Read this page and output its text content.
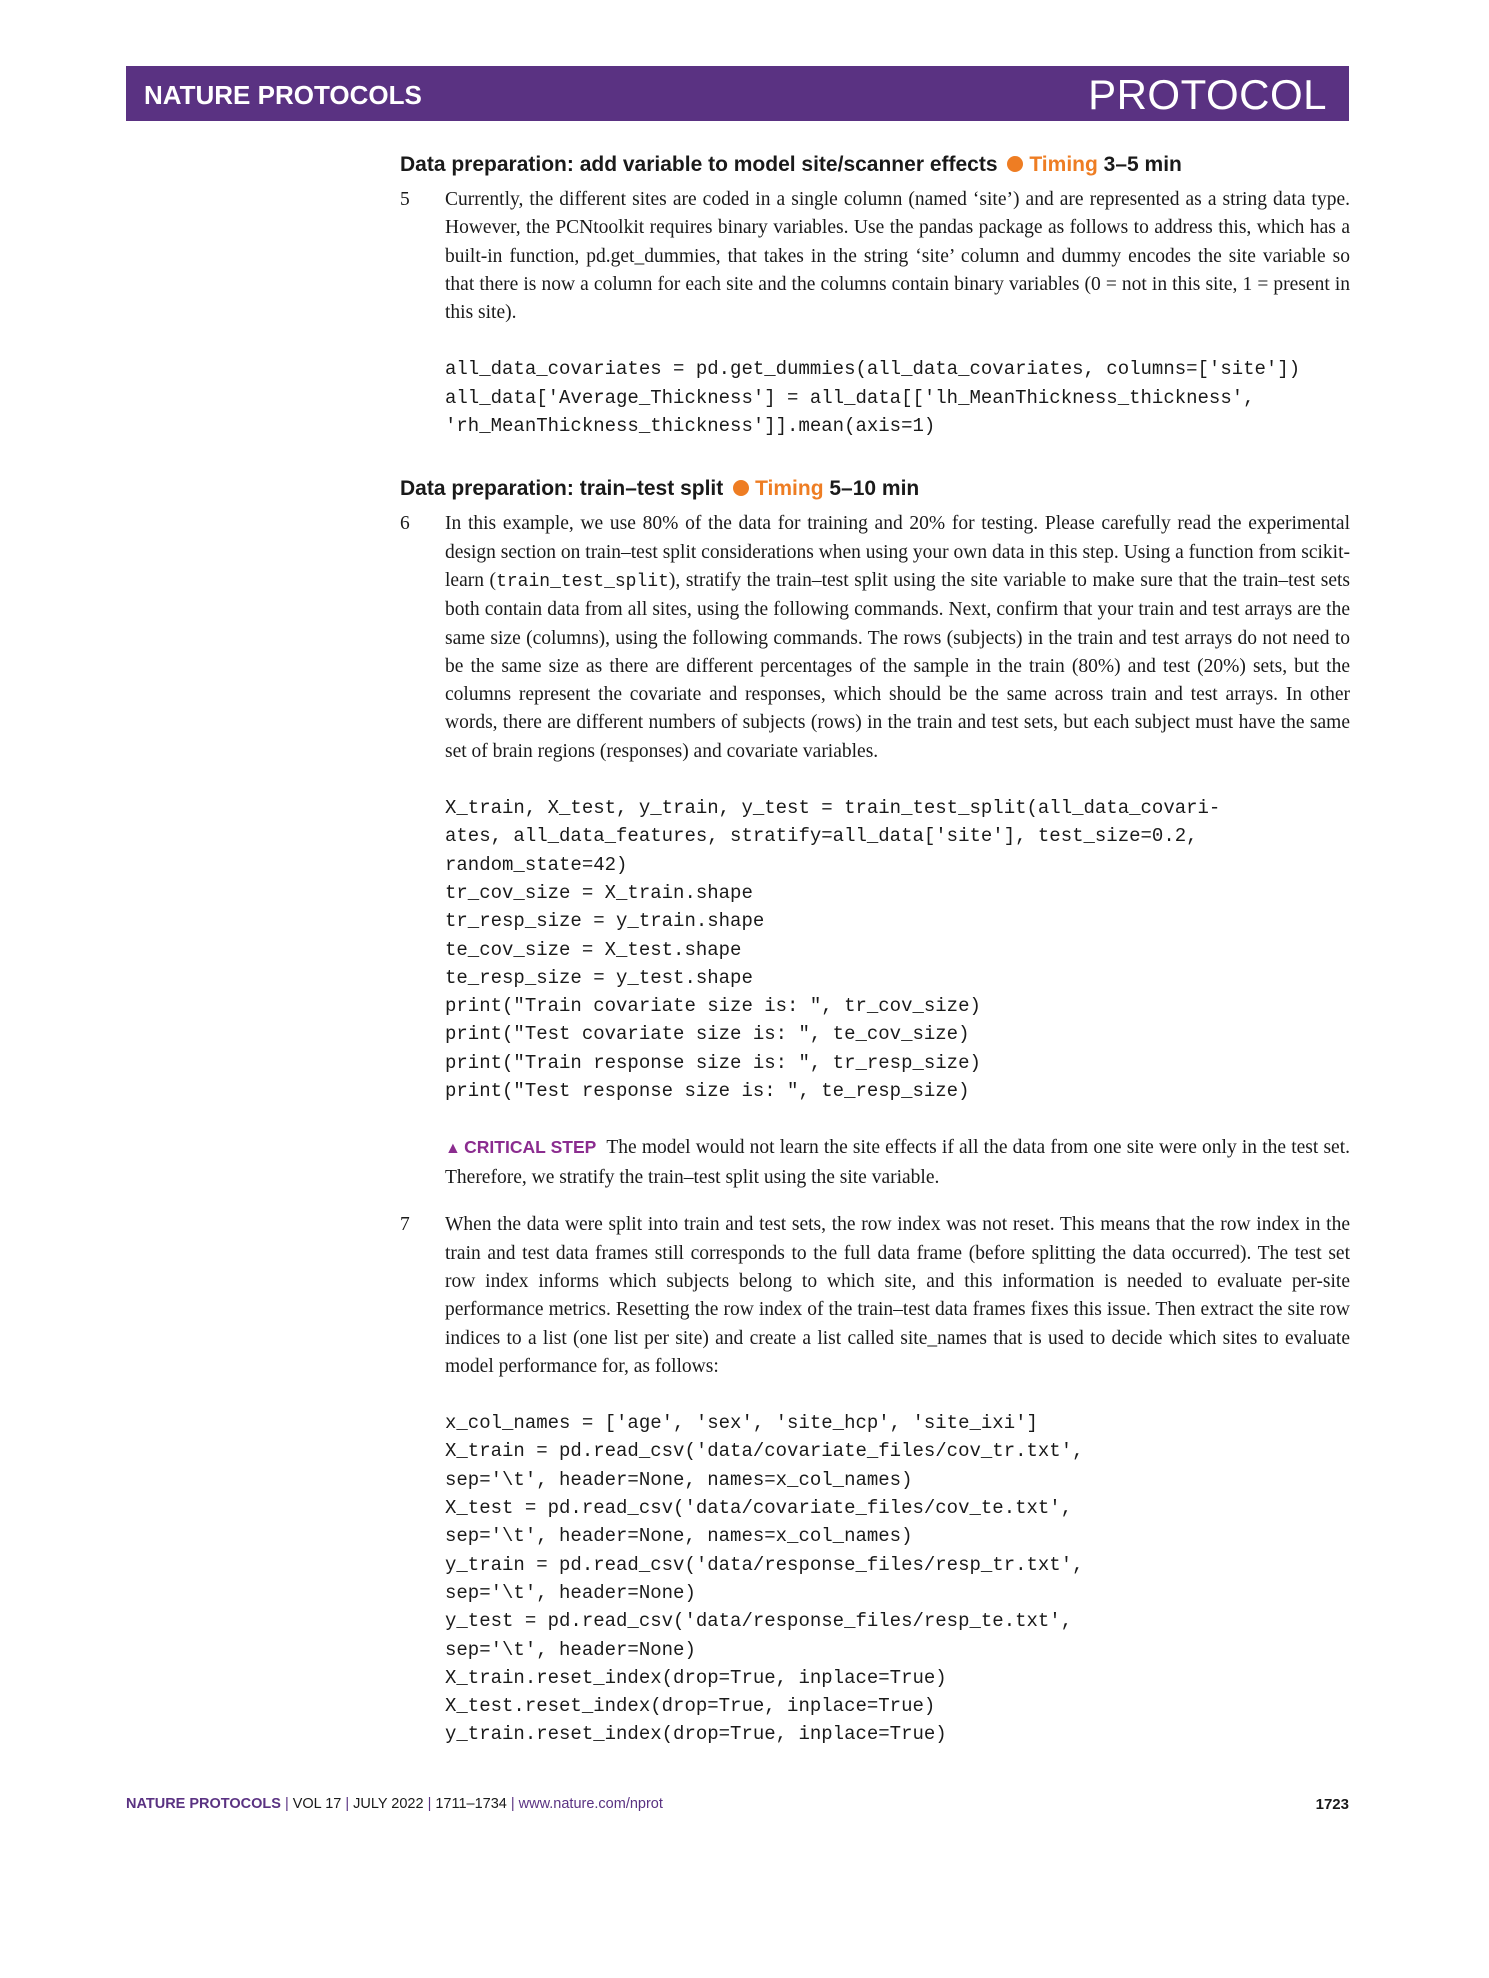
NATURE PROTOCOLS	PROTOCOL
Data preparation: add variable to model site/scanner effects Timing 3–5 min
5 Currently, the different sites are coded in a single column (named ‘site’) and are represented as a string data type. However, the PCNtoolkit requires binary variables. Use the pandas package as follows to address this, which has a built-in function, pd.get_dummies, that takes in the string ‘site’ column and dummy encodes the site variable so that there is now a column for each site and the columns contain binary variables (0 = not in this site, 1 = present in this site).

all_data_covariates = pd.get_dummies(all_data_covariates, columns=['site'])
all_data['Average_Thickness'] = all_data[['lh_MeanThickness_thickness',
'rh_MeanThickness_thickness']].mean(axis=1)
Data preparation: train–test split Timing 5–10 min
6 In this example, we use 80% of the data for training and 20% for testing. Please carefully read the experimental design section on train–test split considerations when using your own data in this step. Using a function from scikit-learn (train_test_split), stratify the train–test split using the site variable to make sure that the train–test sets both contain data from all sites, using the following commands. Next, confirm that your train and test arrays are the same size (columns), using the following commands. The rows (subjects) in the train and test arrays do not need to be the same size as there are different percentages of the sample in the train (80%) and test (20%) sets, but the columns represent the covariate and responses, which should be the same across train and test arrays. In other words, there are different numbers of subjects (rows) in the train and test sets, but each subject must have the same set of brain regions (responses) and covariate variables.

X_train, X_test, y_train, y_test = train_test_split(all_data_covari-
ates, all_data_features, stratify=all_data['site'], test_size=0.2,
random_state=42)
tr_cov_size = X_train.shape
tr_resp_size = y_train.shape
te_cov_size = X_test.shape
te_resp_size = y_test.shape
print("Train covariate size is: ", tr_cov_size)
print("Test covariate size is: ", te_cov_size)
print("Train response size is: ", tr_resp_size)
print("Test response size is: ", te_resp_size)

▲ CRITICAL STEP The model would not learn the site effects if all the data from one site were only in the test set. Therefore, we stratify the train–test split using the site variable.

7 When the data were split into train and test sets, the row index was not reset. This means that the row index in the train and test data frames still corresponds to the full data frame (before splitting the data occurred). The test set row index informs which subjects belong to which site, and this information is needed to evaluate per-site performance metrics. Resetting the row index of the train–test data frames fixes this issue. Then extract the site row indices to a list (one list per site) and create a list called site_names that is used to decide which sites to evaluate model performance for, as follows:

x_col_names = ['age', 'sex', 'site_hcp', 'site_ixi']
X_train = pd.read_csv('data/covariate_files/cov_tr.txt',
sep='\t', header=None, names=x_col_names)
X_test = pd.read_csv('data/covariate_files/cov_te.txt',
sep='\t', header=None, names=x_col_names)
y_train = pd.read_csv('data/response_files/resp_tr.txt',
sep='\t', header=None)
y_test = pd.read_csv('data/response_files/resp_te.txt',
sep='\t', header=None)
X_train.reset_index(drop=True, inplace=True)
X_test.reset_index(drop=True, inplace=True)
y_train.reset_index(drop=True, inplace=True)
NATURE PROTOCOLS | VOL 17 | JULY 2022 | 1711–1734 | www.nature.com/nprot	1723
